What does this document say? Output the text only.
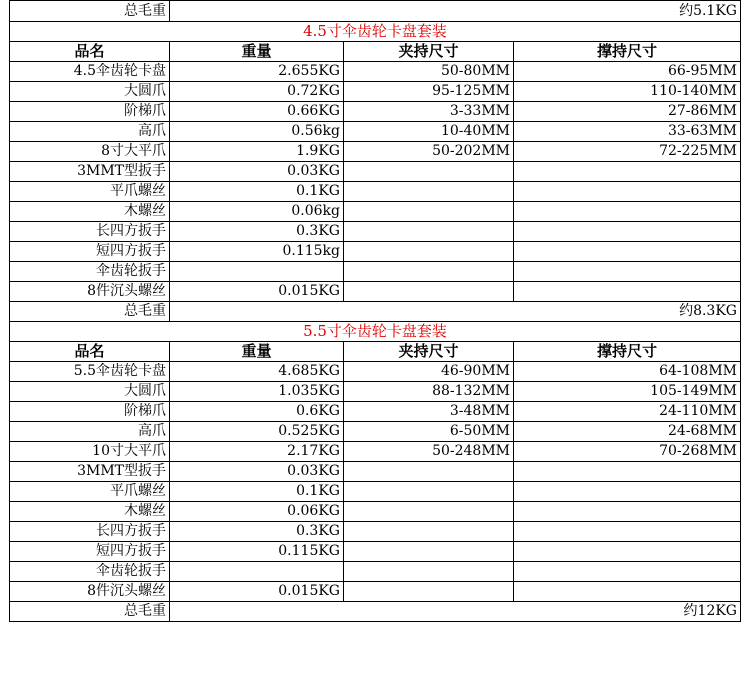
总毛重	约5.1KG		
4.5寸伞齿轮卡盘套装			
品名	重量	夹持尺寸	撑持尺寸
4.5伞齿轮卡盘	2.655KG	50-80MM	66-95MM
大圆爪	0.72KG	95-125MM	110-140MM
阶梯爪	0.66KG	3-33MM	27-86MM
高爪	0.56kg	10-40MM	33-63MM
8寸大平爪	1.9KG	50-202MM	72-225MM
3MMT型扳手	0.03KG		
平爪螺丝	0.1KG		
木螺丝	0.06kg		
长四方扳手	0.3KG		
短四方扳手	0.115kg		
伞齿轮扳手			
8件沉头螺丝	0.015KG		
总毛重	约8.3KG		
5.5寸伞齿轮卡盘套装			
品名	重量	夹持尺寸	撑持尺寸
5.5伞齿轮卡盘	4.685KG	46-90MM	64-108MM
大圆爪	1.035KG	88-132MM	105-149MM
阶梯爪	0.6KG	3-48MM	24-110MM
高爪	0.525KG	6-50MM	24-68MM
10寸大平爪	2.17KG	50-248MM	70-268MM
3MMT型扳手	0.03KG		
平爪螺丝	0.1KG		
木螺丝	0.06KG		
长四方扳手	0.3KG		
短四方扳手	0.115KG		
伞齿轮扳手			
8件沉头螺丝	0.015KG		
总毛重	约12KG		
